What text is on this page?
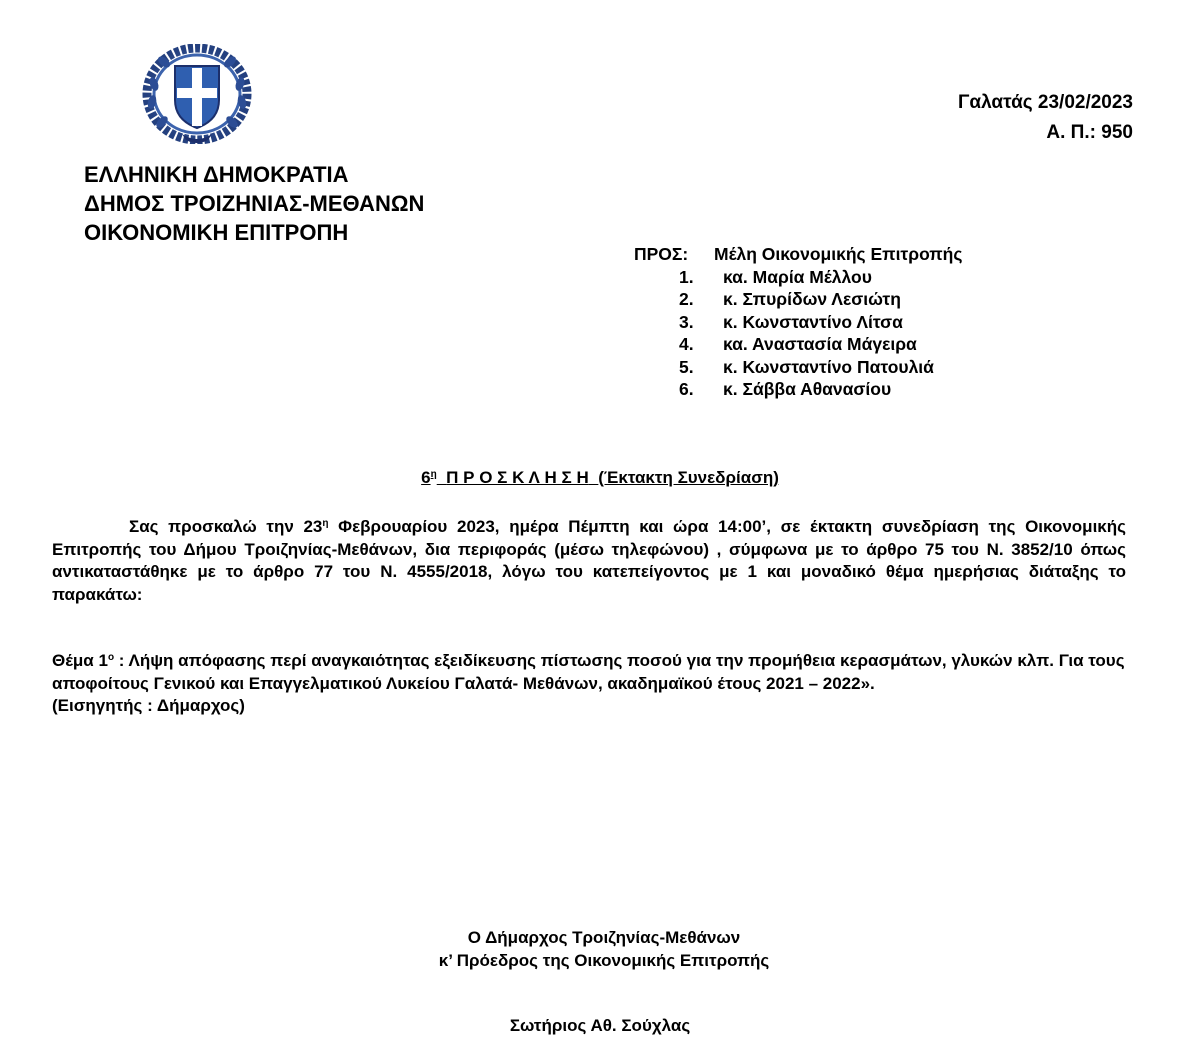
Γαλατάς 23/02/2023
Α. Π.: 950
ΕΛΛΗΝΙΚΗ ΔΗΜΟΚΡΑΤΙΑ
ΔΗΜΟΣ ΤΡΟΙΖΗΝΙΑΣ-ΜΕΘΑΝΩΝ
ΟΙΚΟΝΟΜΙΚΗ ΕΠΙΤΡΟΠΗ
ΠΡΟΣ: Μέλη Οικονομικής Επιτροπής
1. κα. Μαρία Μέλλου
2. κ. Σπυρίδων Λεσιώτη
3. κ. Κωνσταντίνο Λίτσα
4. κα. Αναστασία Μάγειρα
5. κ. Κωνσταντίνο Πατουλιά
6. κ. Σάββα Αθανασίου
$6^\eta$ Π Ρ Ο Σ Κ Λ Η Σ Η (Έκτακτη Συνεδρίαση)
Σας προσκαλώ την $23^\eta$ Φεβρουαρίου 2023, ημέρα Πέμπτη και ώρα 14:00’, σε έκτακτη συνεδρίαση της Οικονομικής Επιτροπής του Δήμου Τροιζηνίας-Μεθάνων, δια περιφοράς (μέσω τηλεφώνου) , σύμφωνα με το άρθρο 75 του Ν. 3852/10 όπως αντικαταστάθηκε με το άρθρο 77 του Ν. 4555/2018, λόγω του κατεπείγοντος με 1 και μοναδικό θέμα ημερήσιας διάταξης το παρακάτω:
Θέμα $1^o$ : Λήψη απόφασης περί αναγκαιότητας εξειδίκευσης πίστωσης ποσού για την προμήθεια κερασμάτων, γλυκών κλπ. Για τους αποφοίτους Γενικού και Επαγγελματικού Λυκείου Γαλατά- Μεθάνων, ακαδημαϊκού έτους 2021 – 2022».
(Εισηγητής : Δήμαρχος)
Ο Δήμαρχος Τροιζηνίας-Μεθάνων
κ’ Πρόεδρος της Οικονομικής Επιτροπής
Σωτήριος Αθ. Σούχλας
